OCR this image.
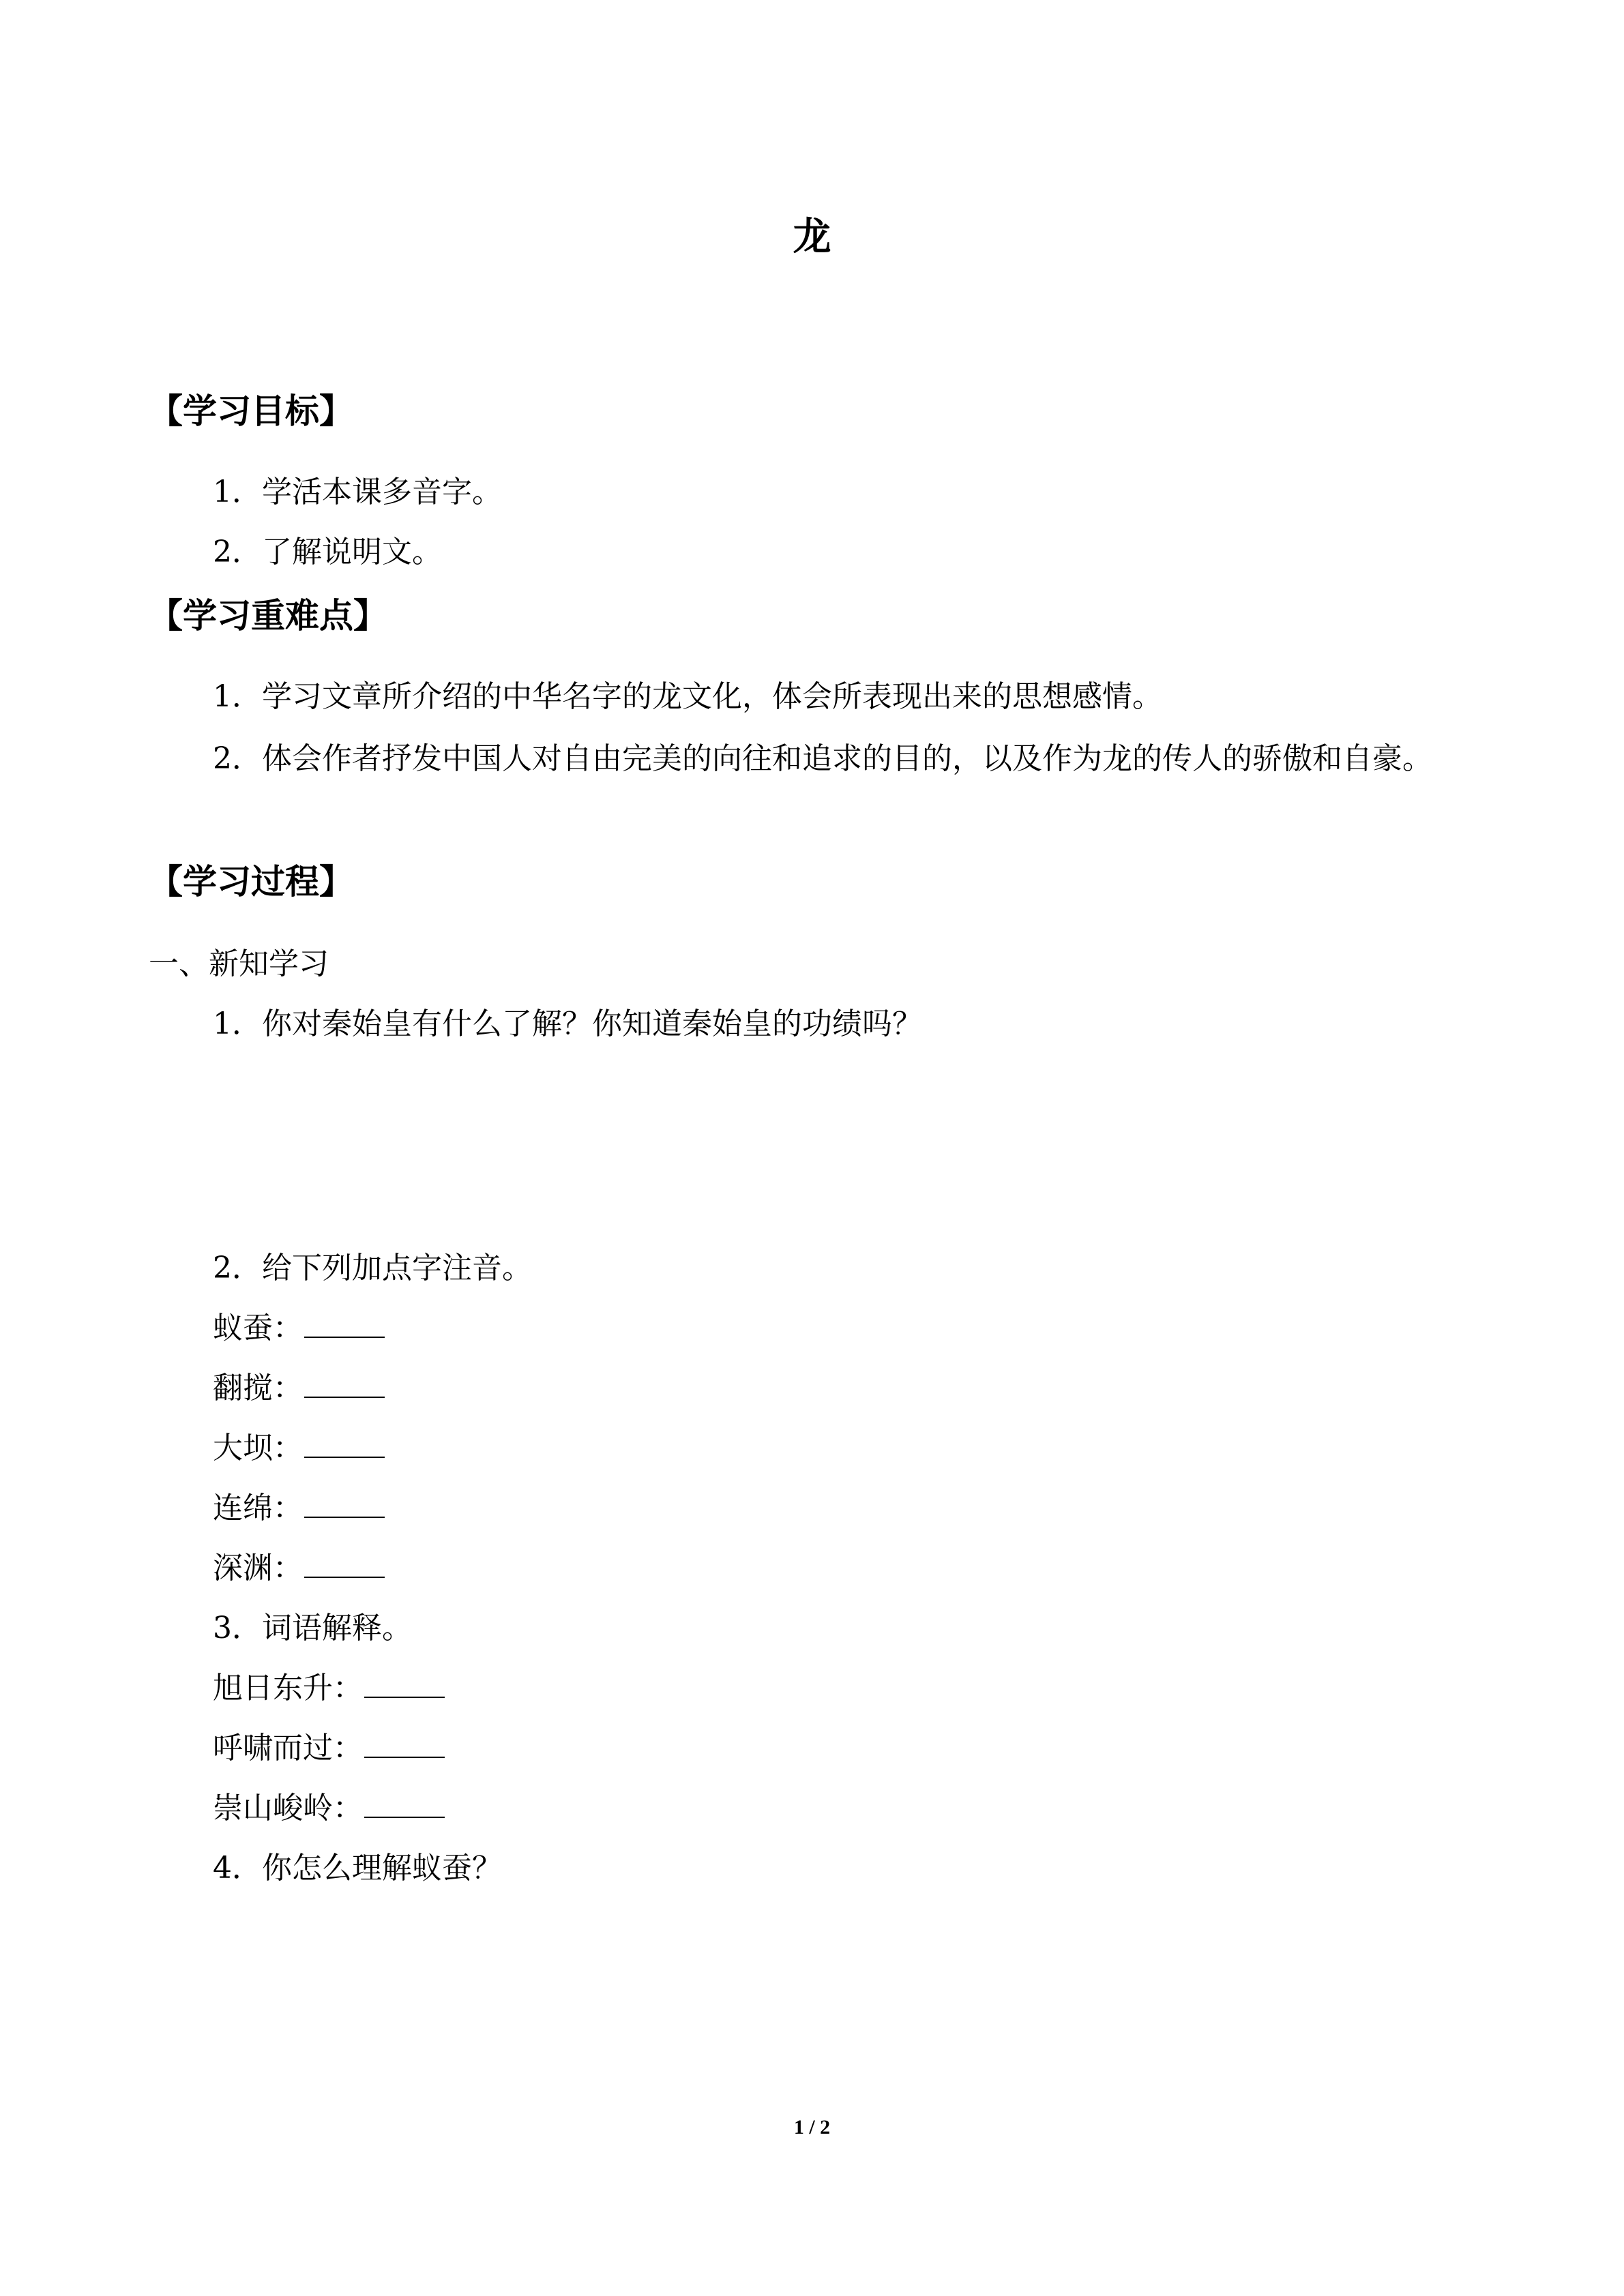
龙
【学习目标】
1．学活本课多音字。
2．了解说明文。
【学习重难点】
1．学习文章所介绍的中华名字的龙文化，体会所表现出来的思想感情。
2．体会作者抒发中国人对自由完美的向往和追求的目的，以及作为龙的传人的骄傲和自豪。
【学习过程】
一、新知学习
1．你对秦始皇有什么了解？你知道秦始皇的功绩吗？
2．给下列加点字注音。
蚁蚕：
翻搅：
大坝：
连绵：
深渊：
3．词语解释。
旭日东升：
呼啸而过：
崇山峻岭：
4．你怎么理解蚁蚕？
1 / 2
